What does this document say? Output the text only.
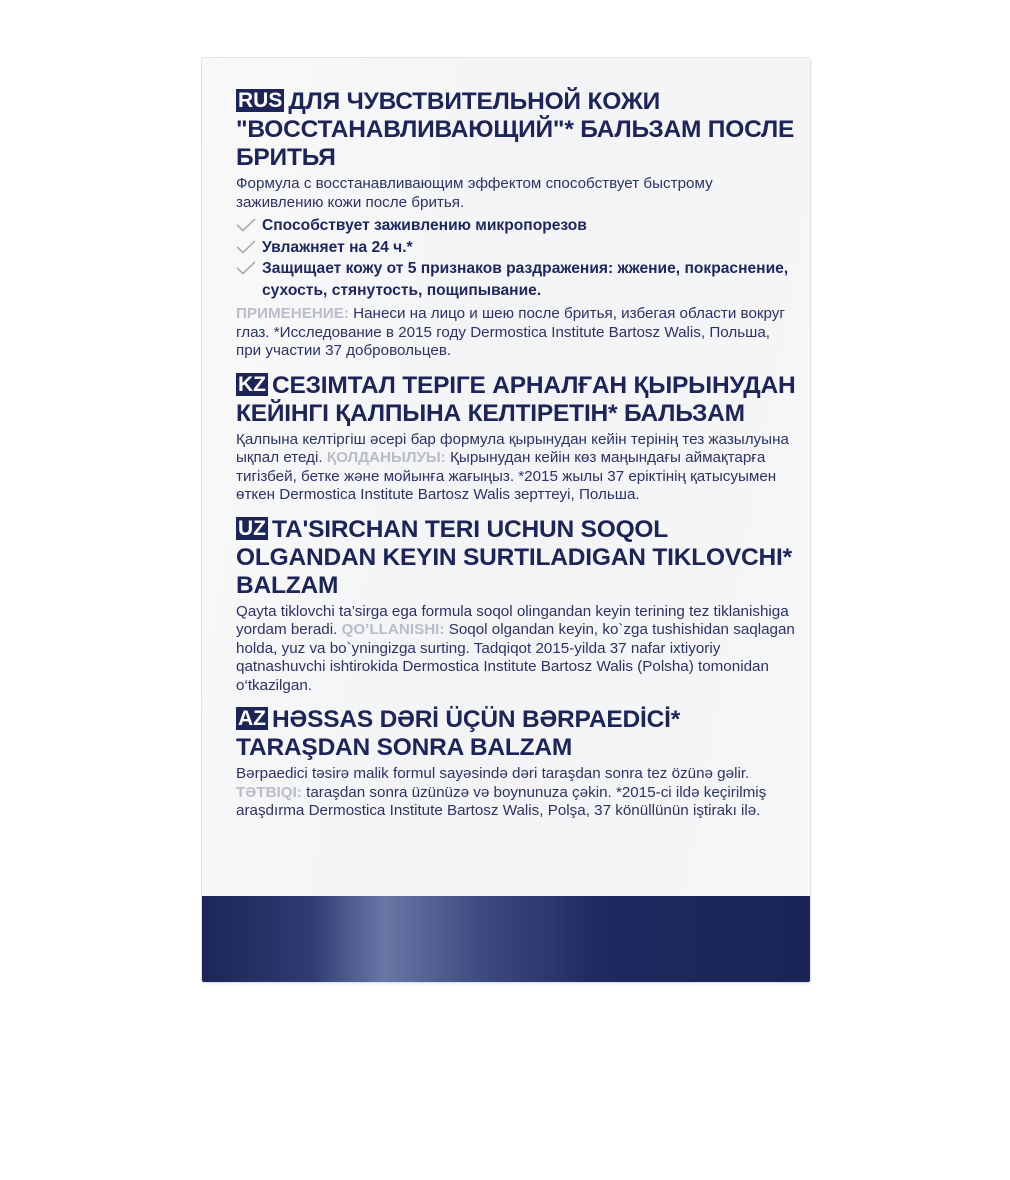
RUS ДЛЯ ЧУВСТВИТЕЛЬНОЙ КОЖИ "ВОССТАНАВЛИВАЮЩИЙ"* БАЛЬЗАМ ПОСЛЕ БРИТЬЯ

Формула с восстанавливающим эффектом способствует быстрому заживлению кожи после бритья.

Способствует заживлению микропорезов
Увлажняет на 24 ч.*
Защищает кожу от 5 признаков раздражения: жжение, покраснение, сухость, стянутость, пощипывание.

ПРИМЕНЕНИЕ: Нанеси на лицо и шею после бритья, избегая области вокруг глаз. *Исследование в 2015 году Dermostica Institute Bartosz Walis, Польша, при участии 37 добровольцев.

KZ СЕЗІМТАЛ ТЕРІГЕ АРНАЛҒАН ҚЫРЫНУДАН КЕЙІНГІ ҚАЛПЫНА КЕЛТІРЕТІН* БАЛЬЗАМ

Қалпына келтіргіш әсері бар формула қырынудан кейін терінің тез жазылуына ықпал етеді. ҚОЛДАНЫЛУЫ: Қырынудан кейін көз маңындағы аймақтарға тигізбей, бетке және мойынға жағыңыз. *2015 жылы 37 еріктінің қатысуымен өткен Dermostica Institute Bartosz Walis зерттеуі, Польша.

UZ TA'SIRCHAN TERI UCHUN SOQOL OLGANDAN KEYIN SURTILADIGAN TIKLOVCHI* BALZAM

Qayta tiklovchi ta’sirga ega formula soqol olingandan keyin terining tez tiklanishiga yordam beradi. QO’LLANISHI: Soqol olgandan keyin, ko`zga tushishidan saqlagan holda, yuz va bo`yningizga surting. Tadqiqot 2015-yilda 37 nafar ixtiyoriy qatnashuvchi ishtirokida Dermostica Institute Bartosz Walis (Polsha) tomonidan o‘tkazilgan.

AZ HƏSSAS DƏRİ ÜÇÜN BƏRPAEDİCİ* TARAŞDAN SONRA BALZAM

Bərpaedici təsirə malik formul sayəsində dəri taraşdan sonra tez özünə gəlir. TƏTBIQI: taraşdan sonra üzünüzə və boynunuza çəkin. *2015-ci ildə keçirilmiş araşdırma Dermostica Institute Bartosz Walis, Polşa, 37 könüllünün iştirakı ilə.
